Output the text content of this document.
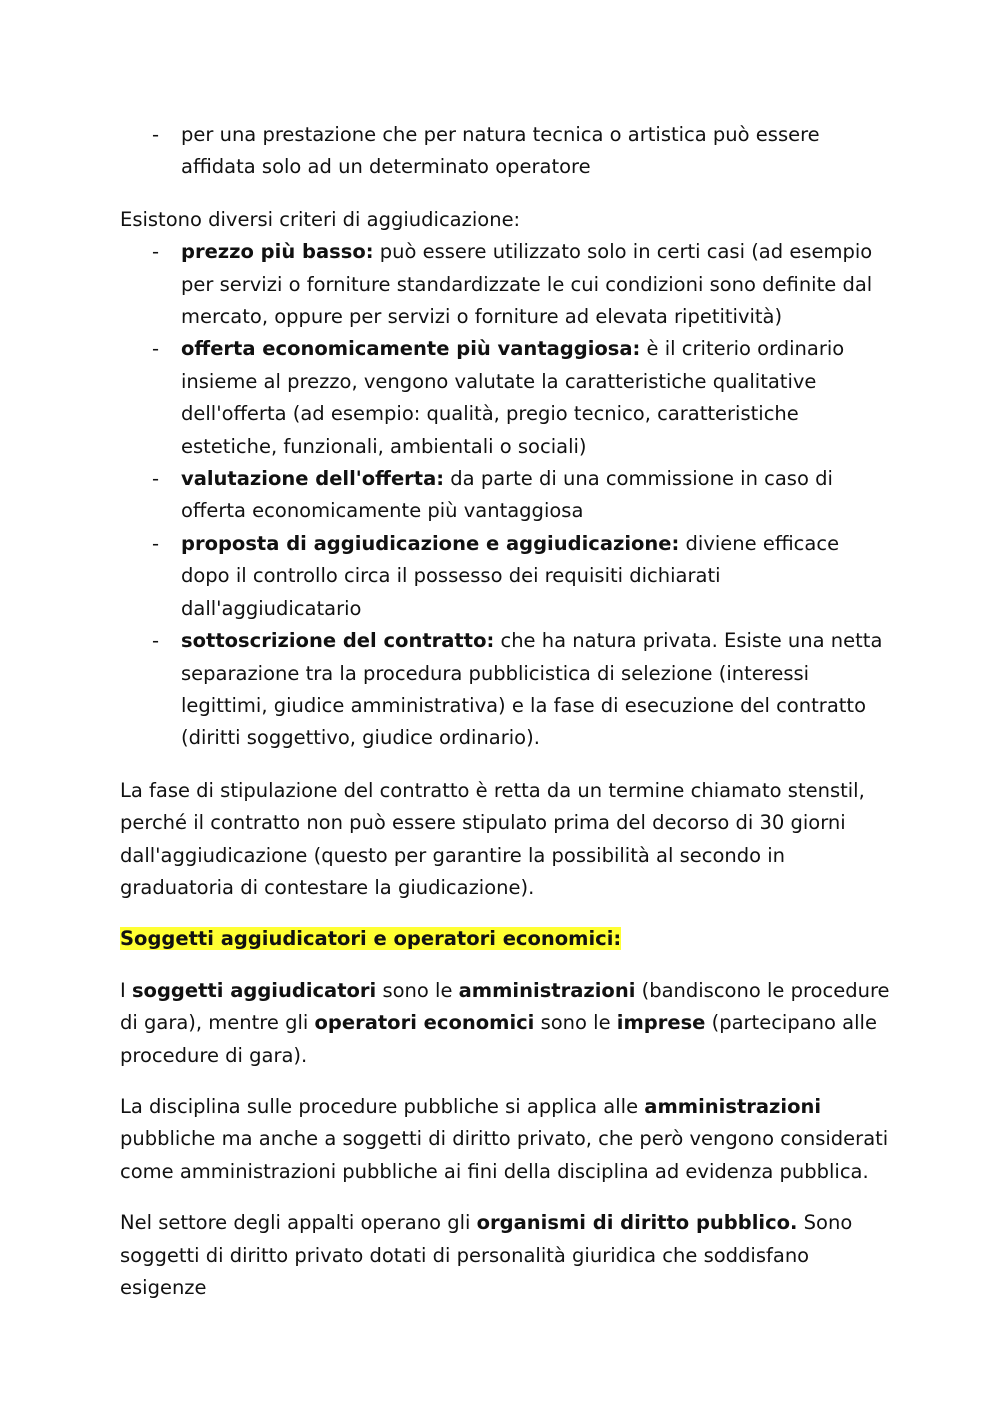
- per una prestazione che per natura tecnica o artistica può essere affidata solo ad un determinato operatore

Esistono diversi criteri di aggiudicazione:

- prezzo più basso: può essere utilizzato solo in certi casi (ad esempio per servizi o forniture standardizzate le cui condizioni sono definite dal mercato, oppure per servizi o forniture ad elevata ripetitività)
- offerta economicamente più vantaggiosa: è il criterio ordinario insieme al prezzo, vengono valutate la caratteristiche qualitative dell'offerta (ad esempio: qualità, pregio tecnico, caratteristiche estetiche, funzionali, ambientali o sociali)
- valutazione dell'offerta: da parte di una commissione in caso di offerta economicamente più vantaggiosa
- proposta di aggiudicazione e aggiudicazione: diviene efficace dopo il controllo circa il possesso dei requisiti dichiarati dall'aggiudicatario
- sottoscrizione del contratto: che ha natura privata. Esiste una netta separazione tra la procedura pubblicistica di selezione (interessi legittimi, giudice amministrativa) e la fase di esecuzione del contratto (diritti soggettivo, giudice ordinario).

La fase di stipulazione del contratto è retta da un termine chiamato stenstil, perché il contratto non può essere stipulato prima del decorso di 30 giorni dall'aggiudicazione (questo per garantire la possibilità al secondo in graduatoria di contestare la giudicazione).

Soggetti aggiudicatori e operatori economici:

I soggetti aggiudicatori sono le amministrazioni (bandiscono le procedure di gara), mentre gli operatori economici sono le imprese (partecipano alle procedure di gara).

La disciplina sulle procedure pubbliche si applica alle amministrazioni pubbliche ma anche a soggetti di diritto privato, che però vengono considerati come amministrazioni pubbliche ai fini della disciplina ad evidenza pubblica.

Nel settore degli appalti operano gli organismi di diritto pubblico. Sono soggetti di diritto privato dotati di personalità giuridica che soddisfano esigenze
